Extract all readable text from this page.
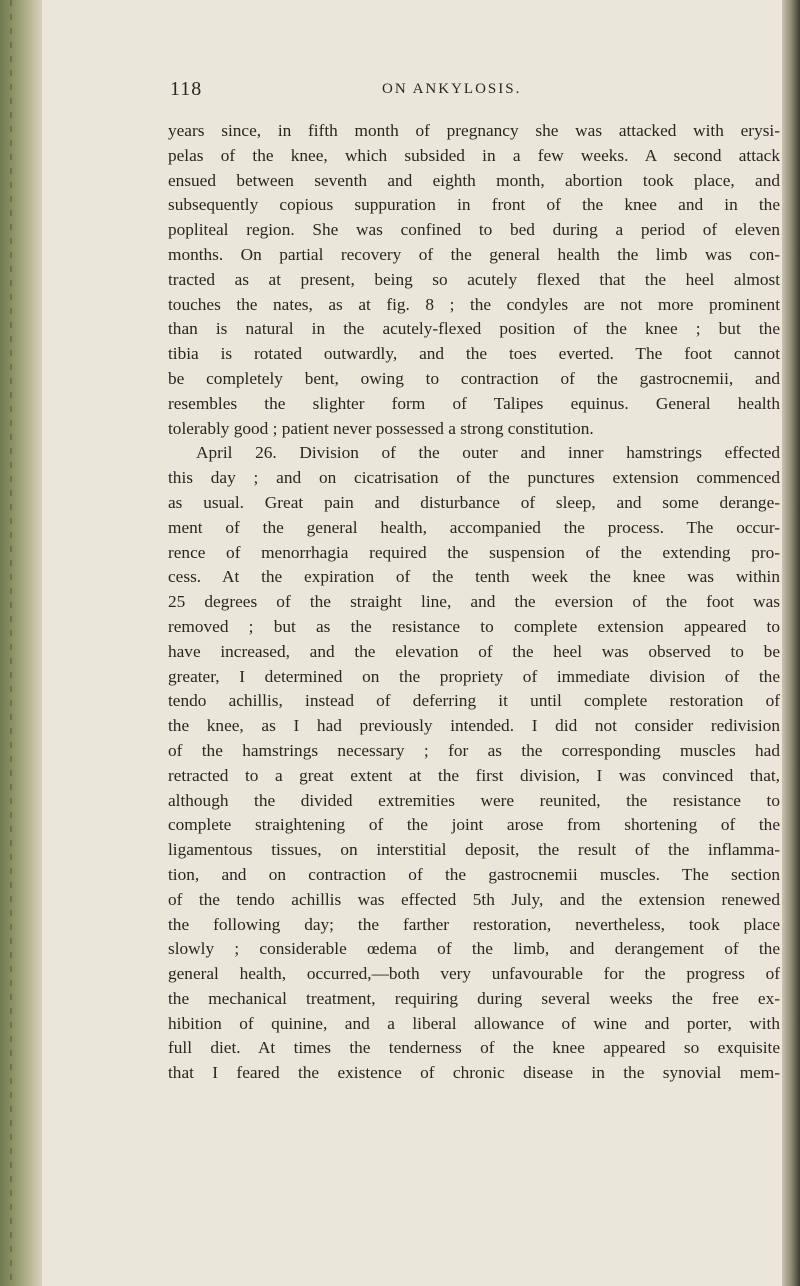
118	ON ANKYLOSIS.
years since, in fifth month of pregnancy she was attacked with erysi-
pelas of the knee, which subsided in a few weeks. A second attack
ensued between seventh and eighth month, abortion took place, and
subsequently copious suppuration in front of the knee and in the
popliteal region. She was confined to bed during a period of eleven
months. On partial recovery of the general health the limb was con-
tracted as at present, being so acutely flexed that the heel almost
touches the nates, as at fig. 8 ; the condyles are not more prominent
than is natural in the acutely-flexed position of the knee ; but the
tibia is rotated outwardly, and the toes everted. The foot cannot
be completely bent, owing to contraction of the gastrocnemii, and
resembles the slighter form of Talipes equinus. General health
tolerably good ; patient never possessed a strong constitution.
April 26. Division of the outer and inner hamstrings effected
this day ; and on cicatrisation of the punctures extension commenced
as usual. Great pain and disturbance of sleep, and some derange-
ment of the general health, accompanied the process. The occur-
rence of menorrhagia required the suspension of the extending pro-
cess. At the expiration of the tenth week the knee was within
25 degrees of the straight line, and the eversion of the foot was
removed ; but as the resistance to complete extension appeared to
have increased, and the elevation of the heel was observed to be
greater, I determined on the propriety of immediate division of the
tendo achillis, instead of deferring it until complete restoration of
the knee, as I had previously intended. I did not consider redivision
of the hamstrings necessary ; for as the corresponding muscles had
retracted to a great extent at the first division, I was convinced that,
although the divided extremities were reunited, the resistance to
complete straightening of the joint arose from shortening of the
ligamentous tissues, on interstitial deposit, the result of the inflamma-
tion, and on contraction of the gastrocnemii muscles. The section
of the tendo achillis was effected 5th July, and the extension renewed
the following day; the farther restoration, nevertheless, took place
slowly ; considerable œdema of the limb, and derangement of the
general health, occurred,—both very unfavourable for the progress of
the mechanical treatment, requiring during several weeks the free ex-
hibition of quinine, and a liberal allowance of wine and porter, with
full diet. At times the tenderness of the knee appeared so exquisite
that I feared the existence of chronic disease in the synovial mem-
